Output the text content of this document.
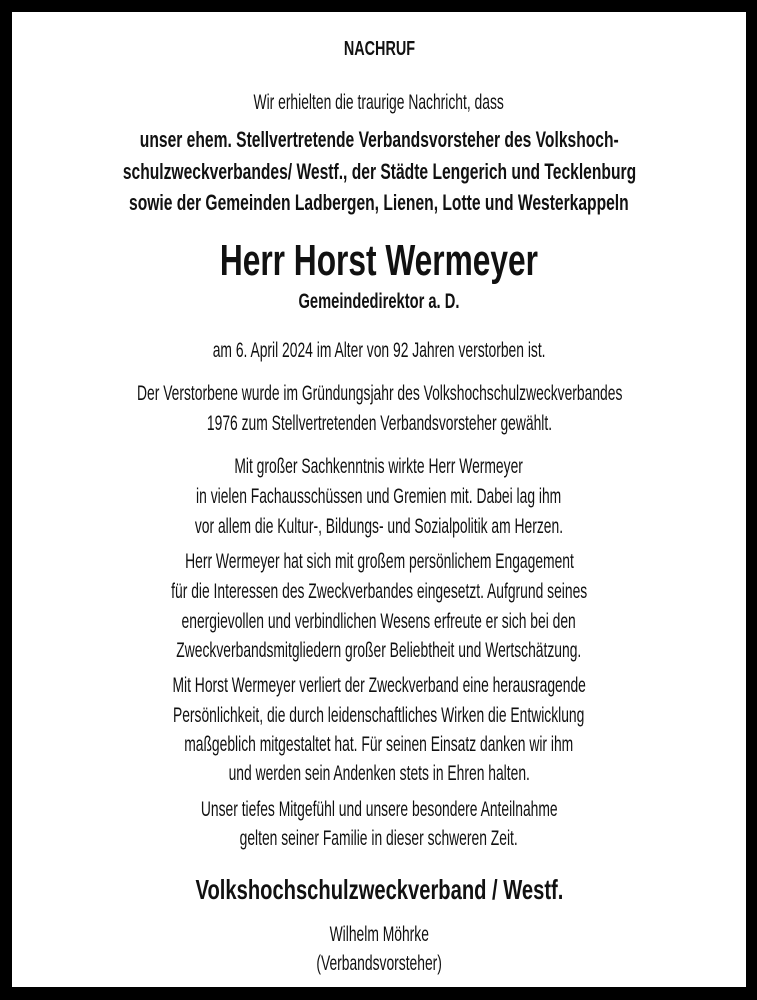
NACHRUF
Wir erhielten die traurige Nachricht, dass
unser ehem. Stellvertretende Verbandsvorsteher des Volkshoch-
schulzweckverbandes/ Westf., der Städte Lengerich und Tecklenburg
sowie der Gemeinden Ladbergen, Lienen, Lotte und Westerkappeln
Herr Horst Wermeyer
Gemeindedirektor a. D.
am 6. April 2024 im Alter von 92 Jahren verstorben ist.
Der Verstorbene wurde im Gründungsjahr des Volkshochschulzweckverbandes
1976 zum Stellvertretenden Verbandsvorsteher gewählt.
Mit großer Sachkenntnis wirkte Herr Wermeyer
in vielen Fachausschüssen und Gremien mit. Dabei lag ihm
vor allem die Kultur-, Bildungs- und Sozialpolitik am Herzen.
Herr Wermeyer hat sich mit großem persönlichem Engagement
für die Interessen des Zweckverbandes eingesetzt. Aufgrund seines
energievollen und verbindlichen Wesens erfreute er sich bei den
Zweckverbandsmitgliedern großer Beliebtheit und Wertschätzung.
Mit Horst Wermeyer verliert der Zweckverband eine herausragende
Persönlichkeit, die durch leidenschaftliches Wirken die Entwicklung
maßgeblich mitgestaltet hat. Für seinen Einsatz danken wir ihm
und werden sein Andenken stets in Ehren halten.
Unser tiefes Mitgefühl und unsere besondere Anteilnahme
gelten seiner Familie in dieser schweren Zeit.
Volkshochschulzweckverband / Westf.
Wilhelm Möhrke
(Verbandsvorsteher)
